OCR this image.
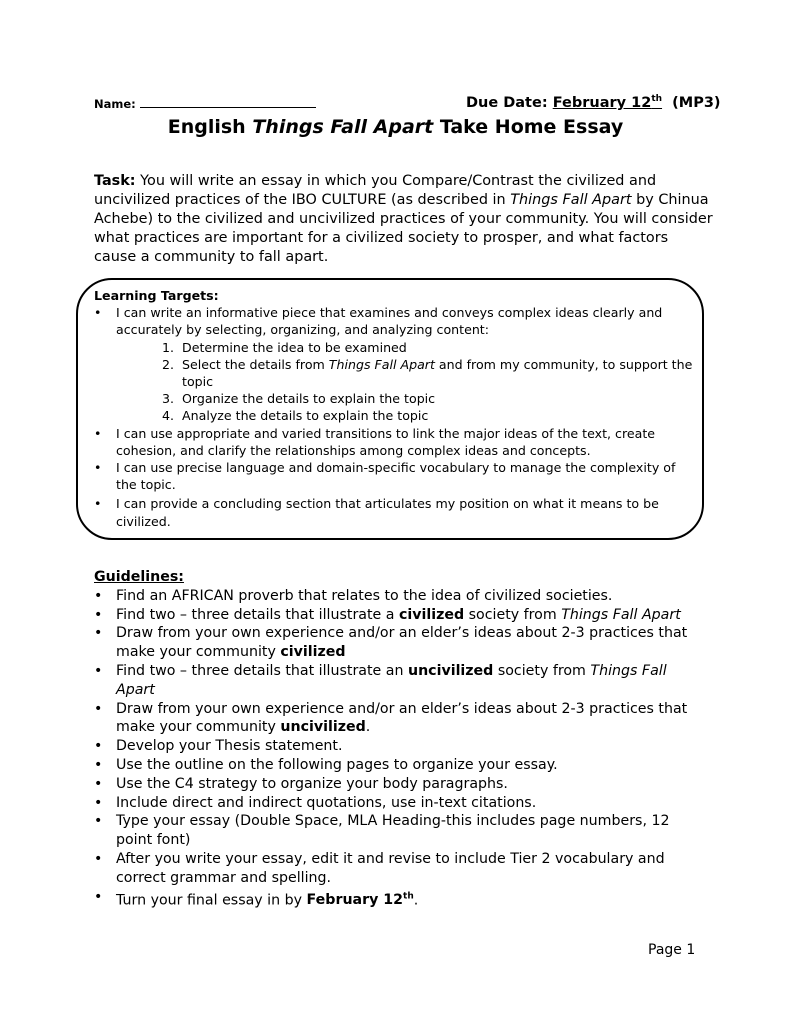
Name:	Due Date: February 12th (MP3)
English Things Fall Apart Take Home Essay
Task: You will write an essay in which you Compare/Contrast the civilized and uncivilized practices of the IBO CULTURE (as described in Things Fall Apart by Chinua Achebe) to the civilized and uncivilized practices of your community. You will consider what practices are important for a civilized society to prosper, and what factors cause a community to fall apart.
Learning Targets:
• I can write an informative piece that examines and conveys complex ideas clearly and accurately by selecting, organizing, and analyzing content:
1. Determine the idea to be examined
2. Select the details from Things Fall Apart and from my community, to support the topic
3. Organize the details to explain the topic
4. Analyze the details to explain the topic
• I can use appropriate and varied transitions to link the major ideas of the text, create cohesion, and clarify the relationships among complex ideas and concepts.
• I can use precise language and domain-specific vocabulary to manage the complexity of the topic.
• I can provide a concluding section that articulates my position on what it means to be civilized.
Guidelines:
• Find an AFRICAN proverb that relates to the idea of civilized societies.
• Find two – three details that illustrate a civilized society from Things Fall Apart
• Draw from your own experience and/or an elder’s ideas about 2-3 practices that make your community civilized
• Find two – three details that illustrate an uncivilized society from Things Fall Apart
• Draw from your own experience and/or an elder’s ideas about 2-3 practices that make your community uncivilized.
• Develop your Thesis statement.
• Use the outline on the following pages to organize your essay.
• Use the C4 strategy to organize your body paragraphs.
• Include direct and indirect quotations, use in-text citations.
• Type your essay (Double Space, MLA Heading-this includes page numbers, 12 point font)
• After you write your essay, edit it and revise to include Tier 2 vocabulary and correct grammar and spelling.
• Turn your final essay in by February 12th.
Page 1
